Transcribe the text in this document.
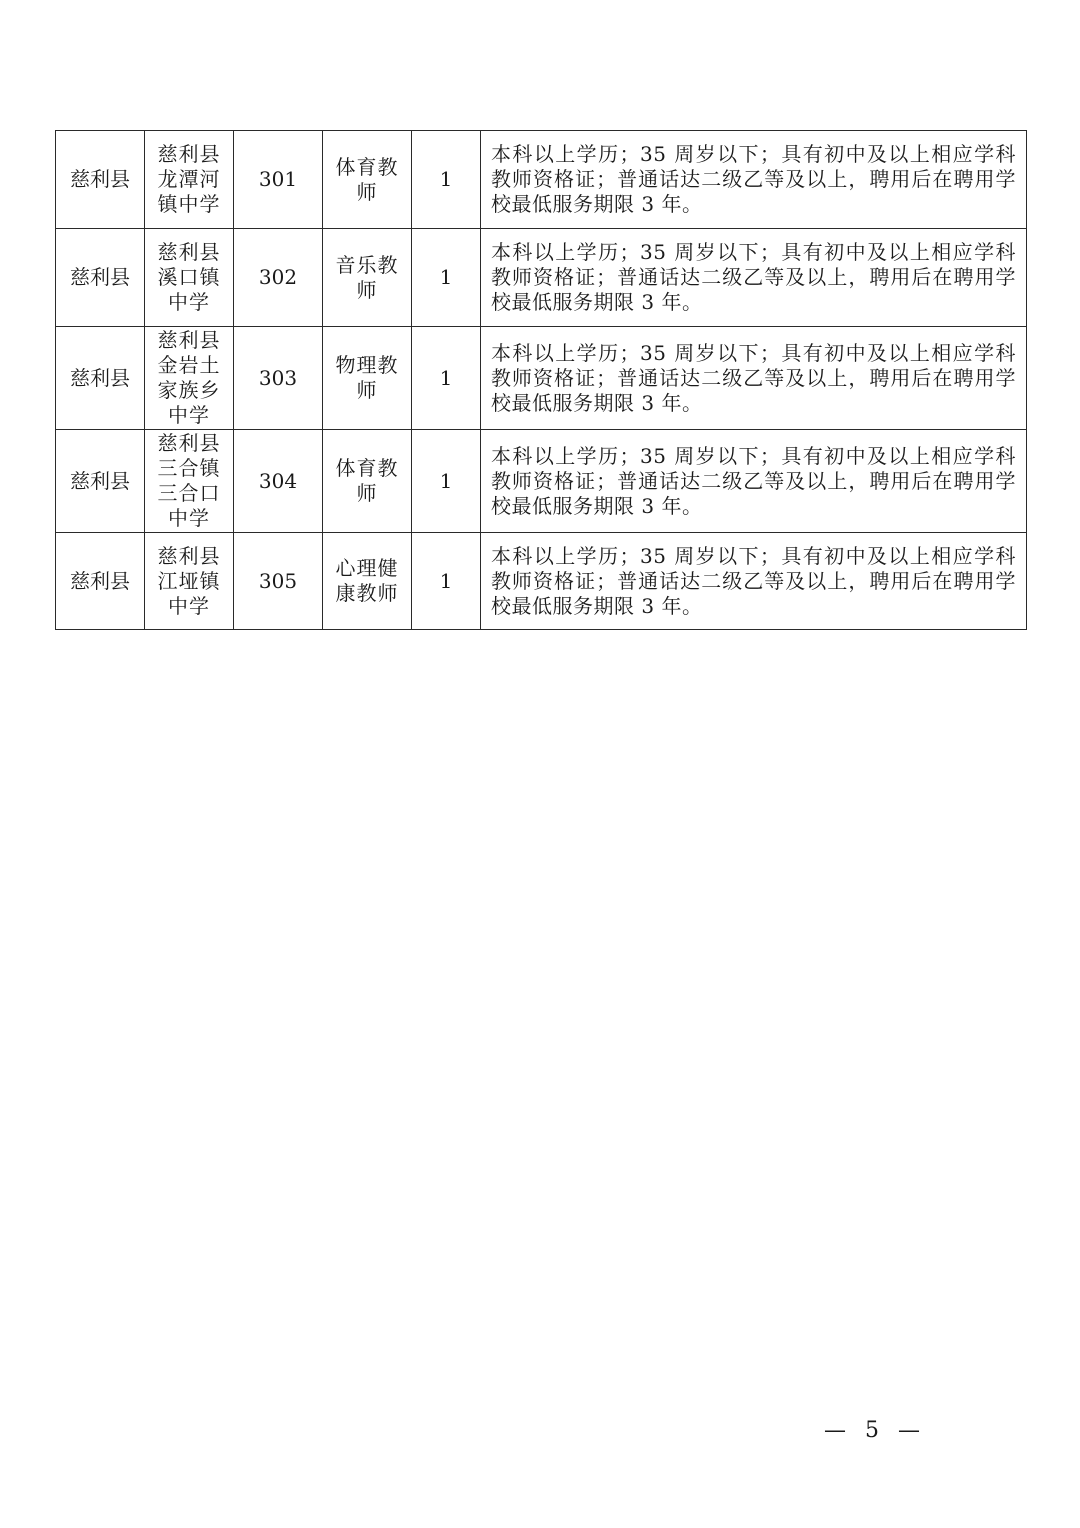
慈利县	慈利县龙潭河镇中学	301	体育教师	1	本科以上学历；35 周岁以下；具有初中及以上相应学科教师资格证；普通话达二级乙等及以上，聘用后在聘用学校最低服务期限 3 年。
慈利县	慈利县溪口镇中学	302	音乐教师	1	本科以上学历；35 周岁以下；具有初中及以上相应学科教师资格证；普通话达二级乙等及以上，聘用后在聘用学校最低服务期限 3 年。
慈利县	慈利县金岩土家族乡中学	303	物理教师	1	本科以上学历；35 周岁以下；具有初中及以上相应学科教师资格证；普通话达二级乙等及以上，聘用后在聘用学校最低服务期限 3 年。
慈利县	慈利县三合镇三合口中学	304	体育教师	1	本科以上学历；35 周岁以下；具有初中及以上相应学科教师资格证；普通话达二级乙等及以上，聘用后在聘用学校最低服务期限 3 年。
慈利县	慈利县江垭镇中学	305	心理健康教师	1	本科以上学历；35 周岁以下；具有初中及以上相应学科教师资格证；普通话达二级乙等及以上，聘用后在聘用学校最低服务期限 3 年。
— 5 —
